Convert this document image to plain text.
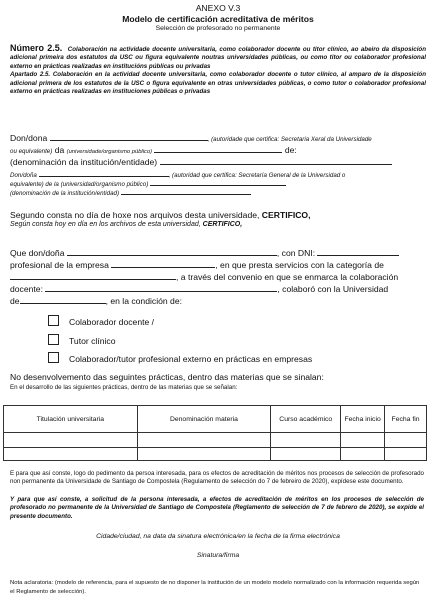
ANEXO V.3

Modelo de certificación acreditativa de méritos

Selección de profesorado no permanente

Número 2.5. Colaboración na actividade docente universitaria, como colaborador docente ou titor clínico, ao abeiro da disposición adicional primeira dos estatutos da USC ou figura equivalente noutras universidades públicas, ou como titor ou colaborador profesional externo en prácticas realizadas en institucións públicas ou privadas
Apartado 2.5. Colaboración en la actividad docente universitaria, como colaborador docente o tutor clínico, al amparo de la disposición adicional primera de los estatutos de la USC o figura equivalente en otras universidades públicas, o como tutor o colaborador profesional externo en prácticas realizadas en instituciones públicas o privadas

Don/dona	, (autoridade que certifica: Secretaria Xeral da Universidade
ou equivalente) da (universidade/organismo público)	de:
(denominación da institución/entidade)
Don/doña	, (autoridad que certifica: Secretaría General de la Universidad o
equivalente) de la (universidad/organismo público)
(denominación de la institución/entidad)
Segundo consta no día de hoxe nos arquivos desta universidade, CERTIFICO,
Según consta hoy en día en los archivos de esta universidad, CERTIFICO,
Que don/doña	, con DNI:
profesional de la empresa	, en que presta servicios con la categoría de
, a través del convenio en que se enmarca la colaboración
docente:	, colaboró con la Universidad
de	, en la condición de:
Colaborador docente /
Tutor clínico
Colaborador/tutor profesional externo en prácticas en empresas

No desenvolvemento das seguintes prácticas, dentro das materias que se sinalan:

En el desarrollo de las siguientes prácticas, dentro de las materias que se señalan:

Titulación universitaria	Denominación materia	Curso académico	Fecha inicio	Fecha fin

E para que así conste, logo do pedimento da persoa interesada, para os efectos de acreditación de méritos nos procesos de selección de profesorado non permanente da Universidade de Santiago de Compostela (Regulamento de selección do 7 de febreiro de 2020), expídese este documento.

Y para que así conste, a solicitud de la persona interesada, a efectos de acreditación de méritos en los procesos de selección de profesorado no permanente de la Universidad de Santiago de Compostela (Reglamento de selección de 7 de febrero de 2020), se expide el presente documento.

Cidade/ciudad, na data da sinatura electrónica/en la fecha de la firma electrónica

Sinatura/firma

Nota aclaratoria: (modelo de referencia, para el supuesto de no disponer la institución de un modelo modelo normalizado con la información requerida según el Reglamento de selección).
